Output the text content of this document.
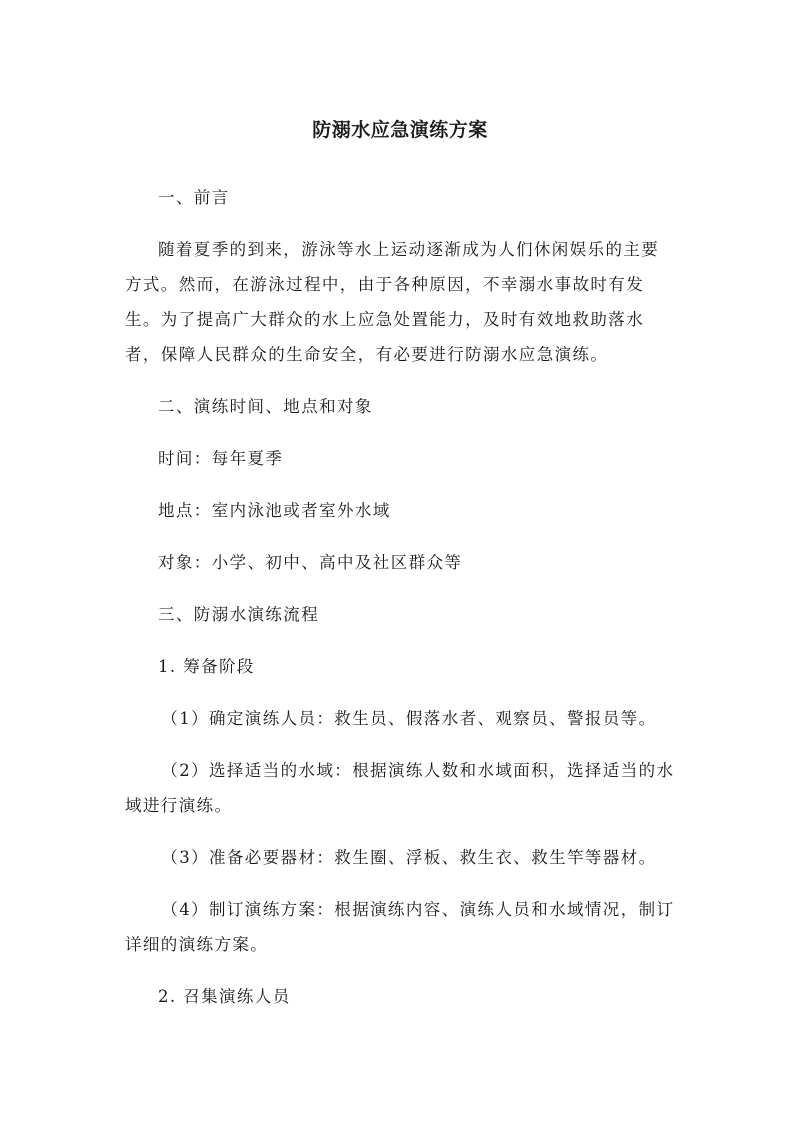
防溺水应急演练方案

一、前言

随着夏季的到来，游泳等水上运动逐渐成为人们休闲娱乐的主要方式。然而，在游泳过程中，由于各种原因，不幸溺水事故时有发生。为了提高广大群众的水上应急处置能力，及时有效地救助落水者，保障人民群众的生命安全，有必要进行防溺水应急演练。

二、演练时间、地点和对象

时间：每年夏季

地点：室内泳池或者室外水域

对象：小学、初中、高中及社区群众等

三、防溺水演练流程

1. 筹备阶段

（1）确定演练人员：救生员、假落水者、观察员、警报员等。

（2）选择适当的水域：根据演练人数和水域面积，选择适当的水域进行演练。

（3）准备必要器材：救生圈、浮板、救生衣、救生竿等器材。

（4）制订演练方案：根据演练内容、演练人员和水域情况，制订详细的演练方案。

2. 召集演练人员
